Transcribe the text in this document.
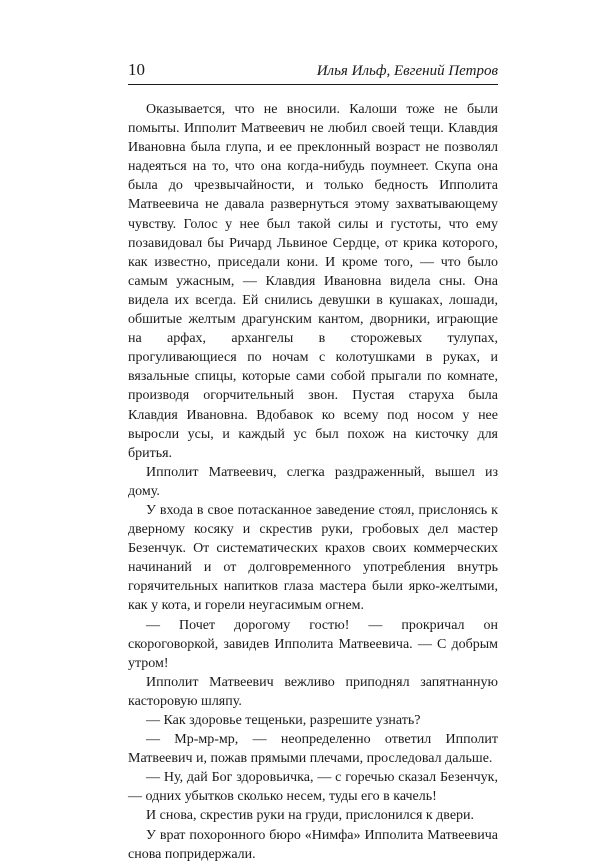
10	Илья Ильф, Евгений Петров

Оказывается, что не вносили. Калоши тоже не были помыты. Ипполит Матвеевич не любил своей тещи. Клавдия Ивановна была глупа, и ее преклонный возраст не позволял надеяться на то, что она когда-нибудь поумнеет. Скупа она была до чрезвычайности, и только бедность Ипполита Матвеевича не давала развернуться этому захватывающему чувству. Голос у нее был такой силы и густоты, что ему позавидовал бы Ричард Львиное Сердце, от крика которого, как известно, приседали кони. И кроме того, — что было самым ужасным, — Клавдия Ивановна видела сны. Она видела их всегда. Ей снились девушки в кушаках, лошади, обшитые желтым драгунским кантом, дворники, играющие на арфах, архангелы в сторожевых тулупах, прогуливающиеся по ночам с колотушками в руках, и вязальные спицы, которые сами собой прыгали по комнате, производя огорчительный звон. Пустая старуха была Клавдия Ивановна. Вдобавок ко всему под носом у нее выросли усы, и каждый ус был похож на кисточку для бритья.

Ипполит Матвеевич, слегка раздраженный, вышел из дому.

У входа в свое потасканное заведение стоял, прислонясь к дверному косяку и скрестив руки, гробовых дел мастер Безенчук. От систематических крахов своих коммерческих начинаний и от долговременного употребления внутрь горячительных напитков глаза мастера были ярко-желтыми, как у кота, и горели неугасимым огнем.

— Почет дорогому гостю! — прокричал он скороговоркой, завидев Ипполита Матвеевича. — С добрым утром!

Ипполит Матвеевич вежливо приподнял запятнанную касторовую шляпу.

— Как здоровье тещеньки, разрешите узнать?

— Мр-мр-мр, — неопределенно ответил Ипполит Матвеевич и, пожав прямыми плечами, проследовал дальше.

— Ну, дай Бог здоровьичка, — с горечью сказал Безенчук, — одних убытков сколько несем, туды его в качель!

И снова, скрестив руки на груди, прислонился к двери.

У врат похоронного бюро «Нимфа» Ипполита Матвеевича снова попридержали.
